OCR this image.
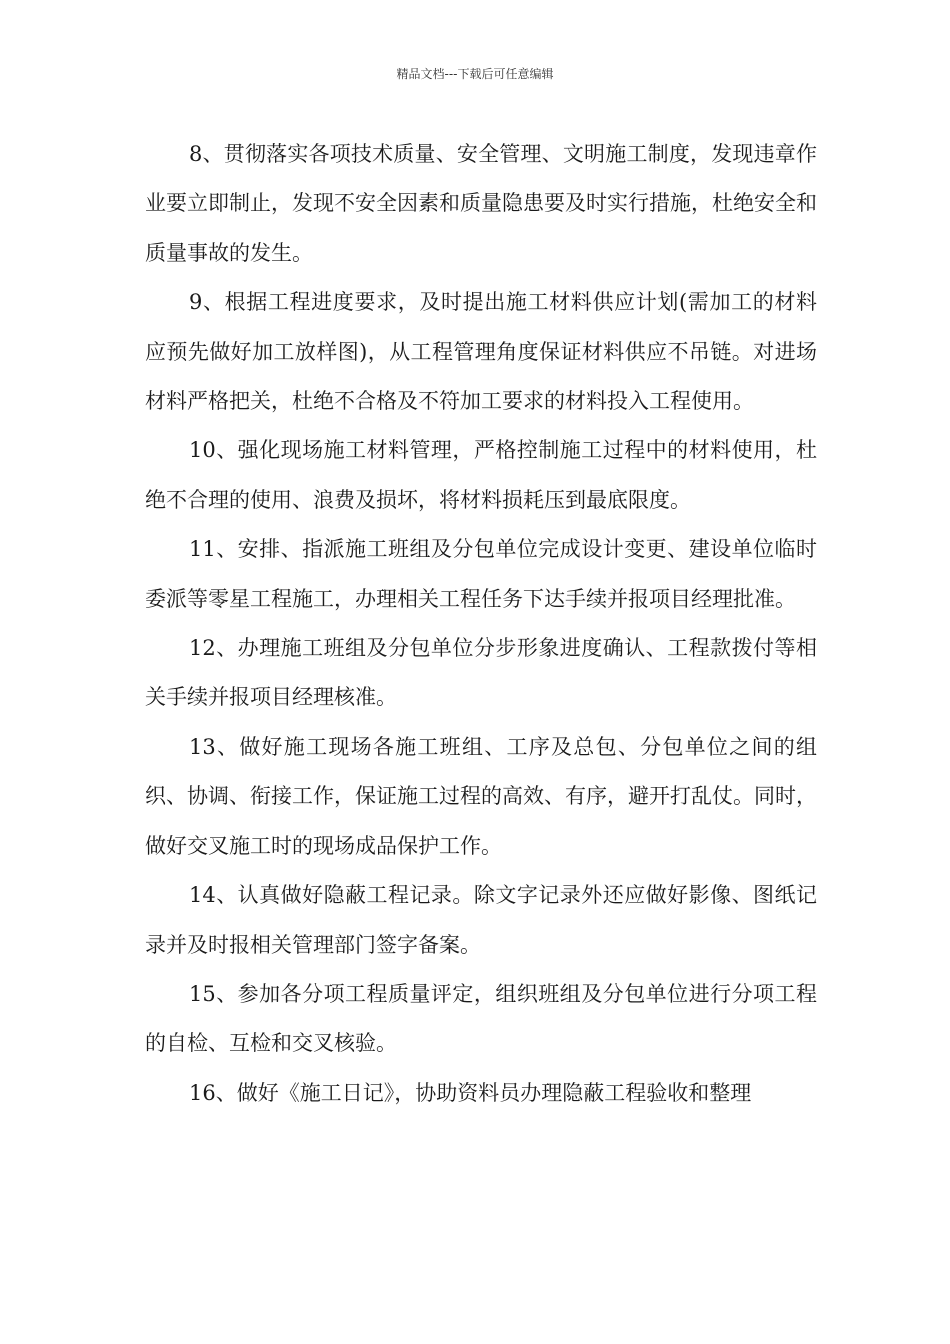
精品文档---下载后可任意编辑

8、贯彻落实各项技术质量、安全管理、文明施工制度，发现违章作业要立即制止，发现不安全因素和质量隐患要及时实行措施，杜绝安全和质量事故的发生。

9、根据工程进度要求，及时提出施工材料供应计划(需加工的材料应预先做好加工放样图)，从工程管理角度保证材料供应不吊链。对进场材料严格把关，杜绝不合格及不符加工要求的材料投入工程使用。

10、强化现场施工材料管理，严格控制施工过程中的材料使用，杜绝不合理的使用、浪费及损坏，将材料损耗压到最底限度。

11、安排、指派施工班组及分包单位完成设计变更、建设单位临时委派等零星工程施工，办理相关工程任务下达手续并报项目经理批准。

12、办理施工班组及分包单位分步形象进度确认、工程款拨付等相关手续并报项目经理核准。

13、做好施工现场各施工班组、工序及总包、分包单位之间的组织、协调、衔接工作，保证施工过程的高效、有序，避开打乱仗。同时，做好交叉施工时的现场成品保护工作。

14、认真做好隐蔽工程记录。除文字记录外还应做好影像、图纸记录并及时报相关管理部门签字备案。

15、参加各分项工程质量评定，组织班组及分包单位进行分项工程的自检、互检和交叉核验。

16、做好《施工日记》，协助资料员办理隐蔽工程验收和整理
